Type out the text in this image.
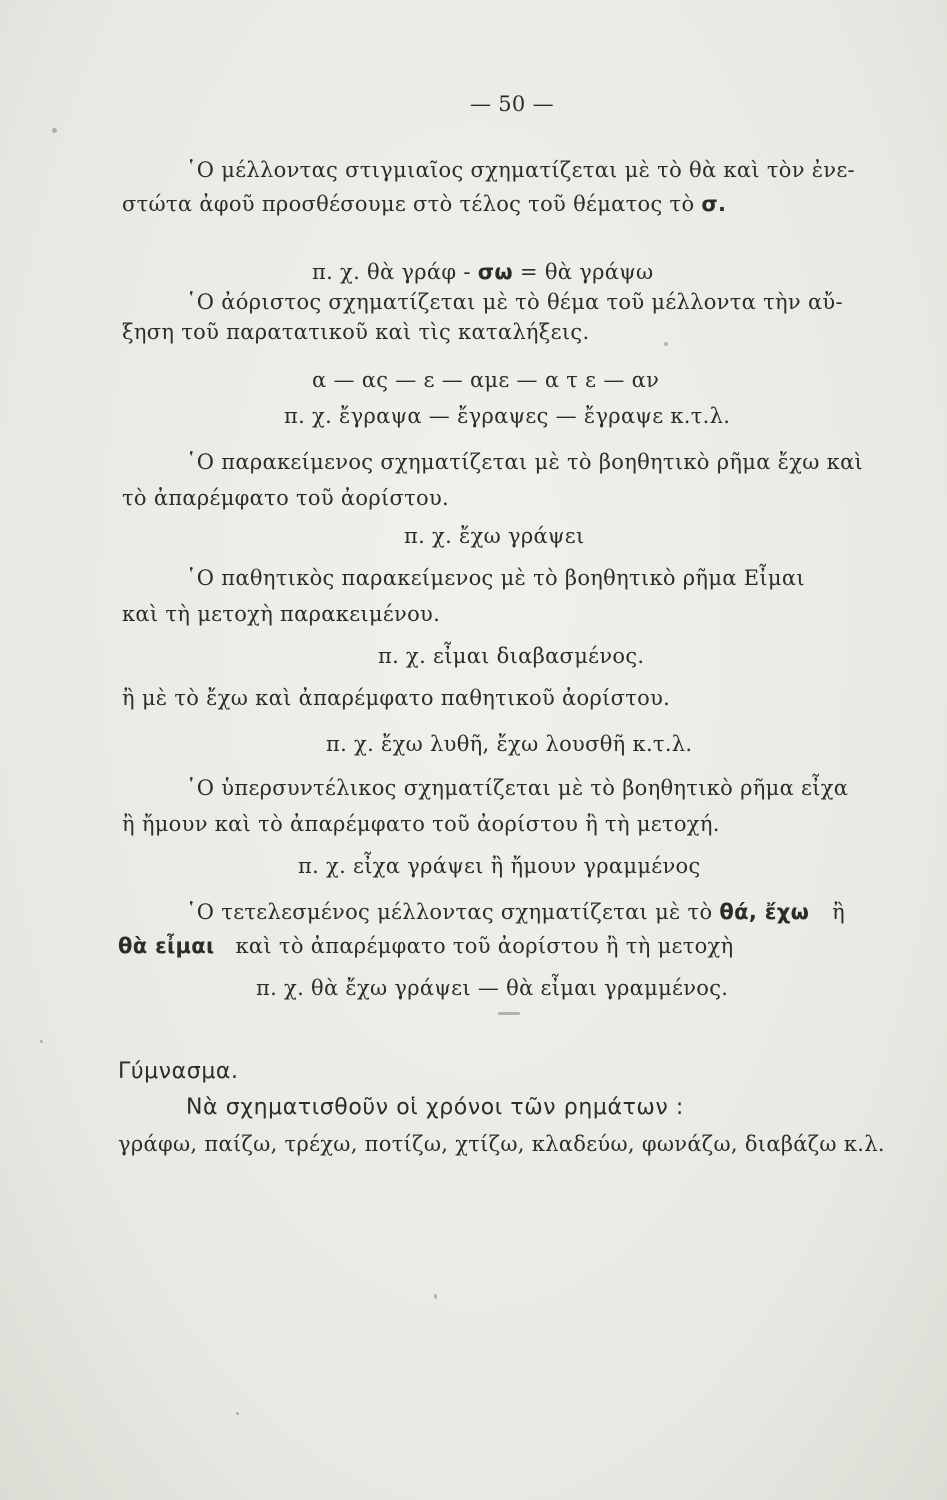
— 50 —
῾Ο μέλλοντας στιγμιαῖος σχηματίζεται μὲ τὸ θὰ καὶ τὸν ἐνε-
στώτα ἀφοῦ προσθέσουμε στὸ τέλος τοῦ θέματος τὸ σ.
π. χ. θὰ γράφ - σω = θὰ γράψω
῾Ο ἀόριστος σχηματίζεται μὲ τὸ θέμα τοῦ μέλλοντα τὴν αὔ-
ξηση τοῦ παρατατικοῦ καὶ τὶς καταλήξεις.
α — ας — ε — αμε — α τ ε — αν
π. χ. ἔγραψα — ἔγραψες — ἔγραψε κ.τ.λ.
῾Ο παρακείμενος σχηματίζεται μὲ τὸ βοηθητικὸ ρῆμα ἔχω καὶ
τὸ ἀπαρέμφατο τοῦ ἀορίστου.
π. χ. ἔχω γράψει
῾Ο παθητικὸς παρακείμενος μὲ τὸ βοηθητικὸ ρῆμα Εἶμαι
καὶ τὴ μετοχὴ παρακειμένου.
π. χ. εἶμαι διαβασμένος.
ἢ μὲ τὸ ἔχω καὶ ἀπαρέμφατο παθητικοῦ ἀορίστου.
π. χ. ἔχω λυθῆ, ἔχω λουσθῆ κ.τ.λ.
῾Ο ὑπερσυντέλικος σχηματίζεται μὲ τὸ βοηθητικὸ ρῆμα εἶχα
ἢ ἤμουν καὶ τὸ ἀπαρέμφατο τοῦ ἀορίστου ἢ τὴ μετοχή.
π. χ. εἶχα γράψει ἢ ἤμουν γραμμένος
῾Ο τετελεσμένος μέλλοντας σχηματίζεται μὲ τὸ θά, ἔχω ἢ
θὰ εἶμαι καὶ τὸ ἀπαρέμφατο τοῦ ἀορίστου ἢ τὴ μετοχὴ
π. χ. θὰ ἔχω γράψει — θὰ εἶμαι γραμμένος.
Γύμνασμα.
Νὰ σχηματισθοῦν οἱ χρόνοι τῶν ρημάτων :
γράφω, παίζω, τρέχω, ποτίζω, χτίζω, κλαδεύω, φωνάζω, διαβάζω κ.λ.
